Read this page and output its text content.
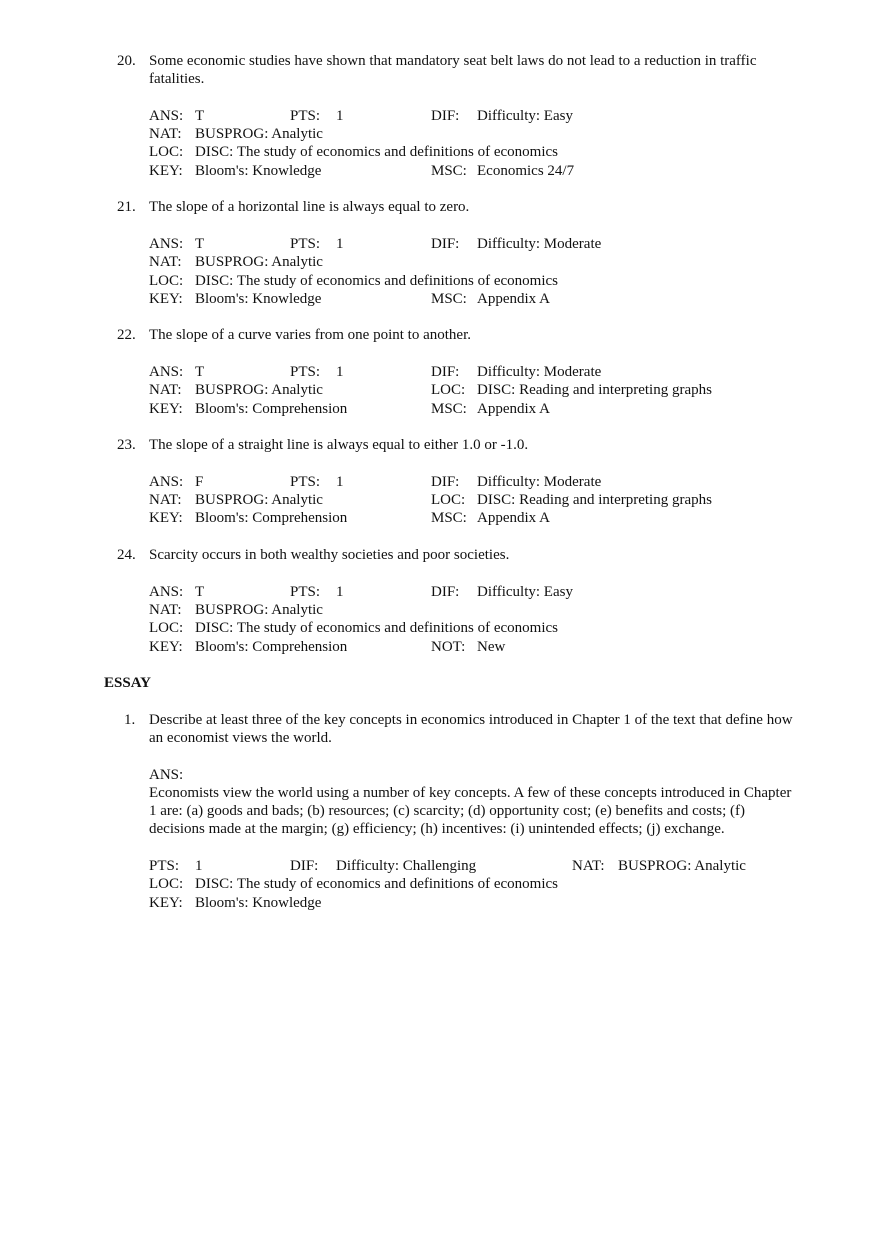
20. Some economic studies have shown that mandatory seat belt laws do not lead to a reduction in traffic fatalities.
ANS: T	PTS: 1	DIF: Difficulty: Easy
NAT: BUSPROG: Analytic
LOC: DISC: The study of economics and definitions of economics
KEY: Bloom's: Knowledge	MSC: Economics 24/7
21. The slope of a horizontal line is always equal to zero.
ANS: T	PTS: 1	DIF: Difficulty: Moderate
NAT: BUSPROG: Analytic
LOC: DISC: The study of economics and definitions of economics
KEY: Bloom's: Knowledge	MSC: Appendix A
22. The slope of a curve varies from one point to another.
ANS: T	PTS: 1	DIF: Difficulty: Moderate
NAT: BUSPROG: Analytic	LOC: DISC: Reading and interpreting graphs
KEY: Bloom's: Comprehension	MSC: Appendix A
23. The slope of a straight line is always equal to either 1.0 or -1.0.
ANS: F	PTS: 1	DIF: Difficulty: Moderate
NAT: BUSPROG: Analytic	LOC: DISC: Reading and interpreting graphs
KEY: Bloom's: Comprehension	MSC: Appendix A
24. Scarcity occurs in both wealthy societies and poor societies.
ANS: T	PTS: 1	DIF: Difficulty: Easy
NAT: BUSPROG: Analytic
LOC: DISC: The study of economics and definitions of economics
KEY: Bloom's: Comprehension	NOT: New
ESSAY
1. Describe at least three of the key concepts in economics introduced in Chapter 1 of the text that define how an economist views the world.
ANS:
Economists view the world using a number of key concepts. A few of these concepts introduced in Chapter 1 are: (a) goods and bads; (b) resources; (c) scarcity; (d) opportunity cost; (e) benefits and costs; (f) decisions made at the margin; (g) efficiency; (h) incentives: (i) unintended effects; (j) exchange.
PTS: 1	DIF: Difficulty: Challenging	NAT: BUSPROG: Analytic
LOC: DISC: The study of economics and definitions of economics
KEY: Bloom's: Knowledge
